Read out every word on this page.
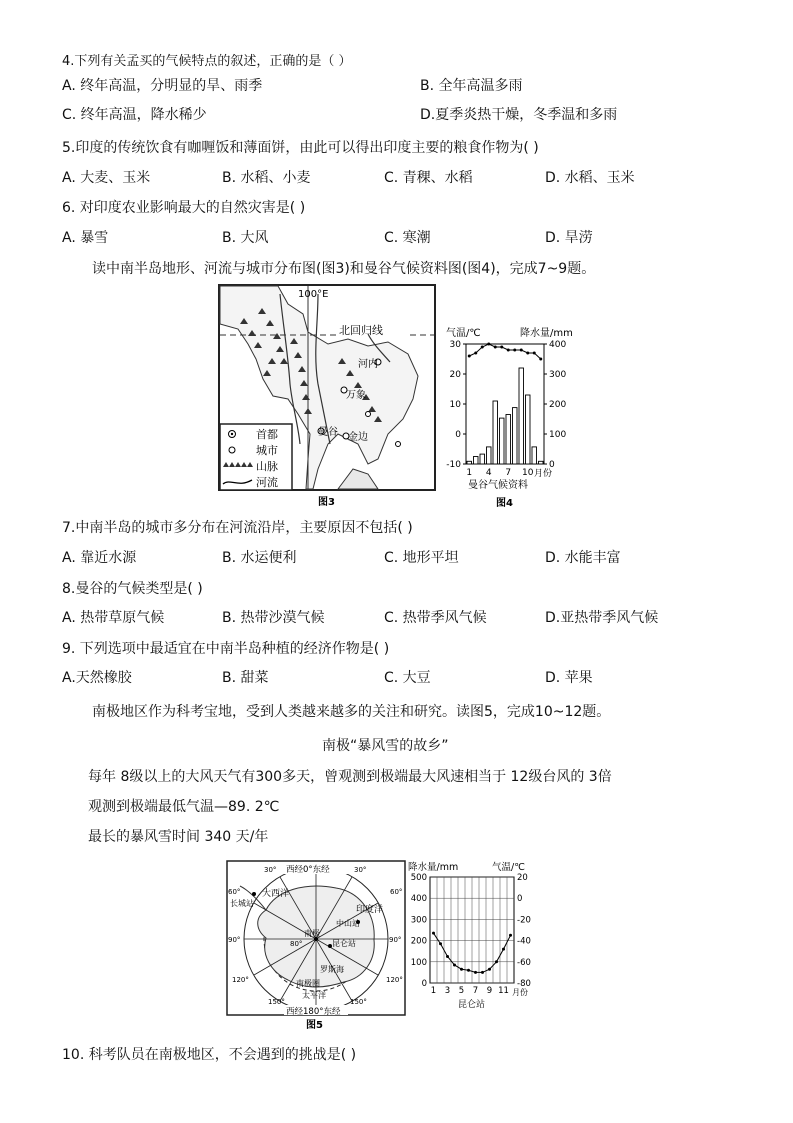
4.下列有关孟买的气候特点的叙述，正确的是（ ）
A. 终年高温，分明显的旱、雨季	B. 全年高温多雨
C. 终年高温，降水稀少	D.夏季炎热干燥，冬季温和多雨
5.印度的传统饮食有咖喱饭和薄面饼，由此可以得出印度主要的粮食作物为( )
A. 大麦、玉米	B. 水稻、小麦	C. 青稞、水稻	D. 水稻、玉米
6. 对印度农业影响最大的自然灾害是( )
A. 暴雪	B. 大风	C. 寒潮	D. 旱涝
读中南半岛地形、河流与城市分布图(图3)和曼谷气候资料图(图4)，完成7~9题。
100°E
北回归线
河内
万象
曼谷 金边
首都
城市
山脉
河流
图3
气温/℃	降水量/mm
30
20
10
0
-10
400
300
200
100
0
1 4 7 10 月份
曼谷气候资料
图4
7.中南半岛的城市多分布在河流沿岸，主要原因不包括( )
A. 靠近水源	B. 水运便利	C. 地形平坦	D. 水能丰富
8.曼谷的气候类型是( )
A. 热带草原气候	B. 热带沙漠气候	C. 热带季风气候	D.亚热带季风气候
9. 下列选项中最适宜在中南半岛种植的经济作物是( )
A.天然橡胶	B. 甜菜	C. 大豆	D. 苹果
南极地区作为科考宝地，受到人类越来越多的关注和研究。读图5，完成10~12题。
南极“暴风雪的故乡”
每年 8级以上的大风天气有300多天，曾观测到极端最大风速相当于 12级台风的 3倍
观测到极端最低气温—89. 2℃
最长的暴风雪时间 340 天/年
西经0°东经
西经180°东经
30°	30°
60°	60°
90°	90°
120°	120°
150°	150°
80°
大西洋
长城站
印度洋
中山站
南极
昆仑站
罗斯海
南极圈
太平洋
图5
降水量/mm	气温/℃
500
400
300
200
100
0
20
0
-20
-40
-60
-80
1 3 5 7 9 11 月份
昆仑站
10. 科考队员在南极地区，不会遇到的挑战是( )
